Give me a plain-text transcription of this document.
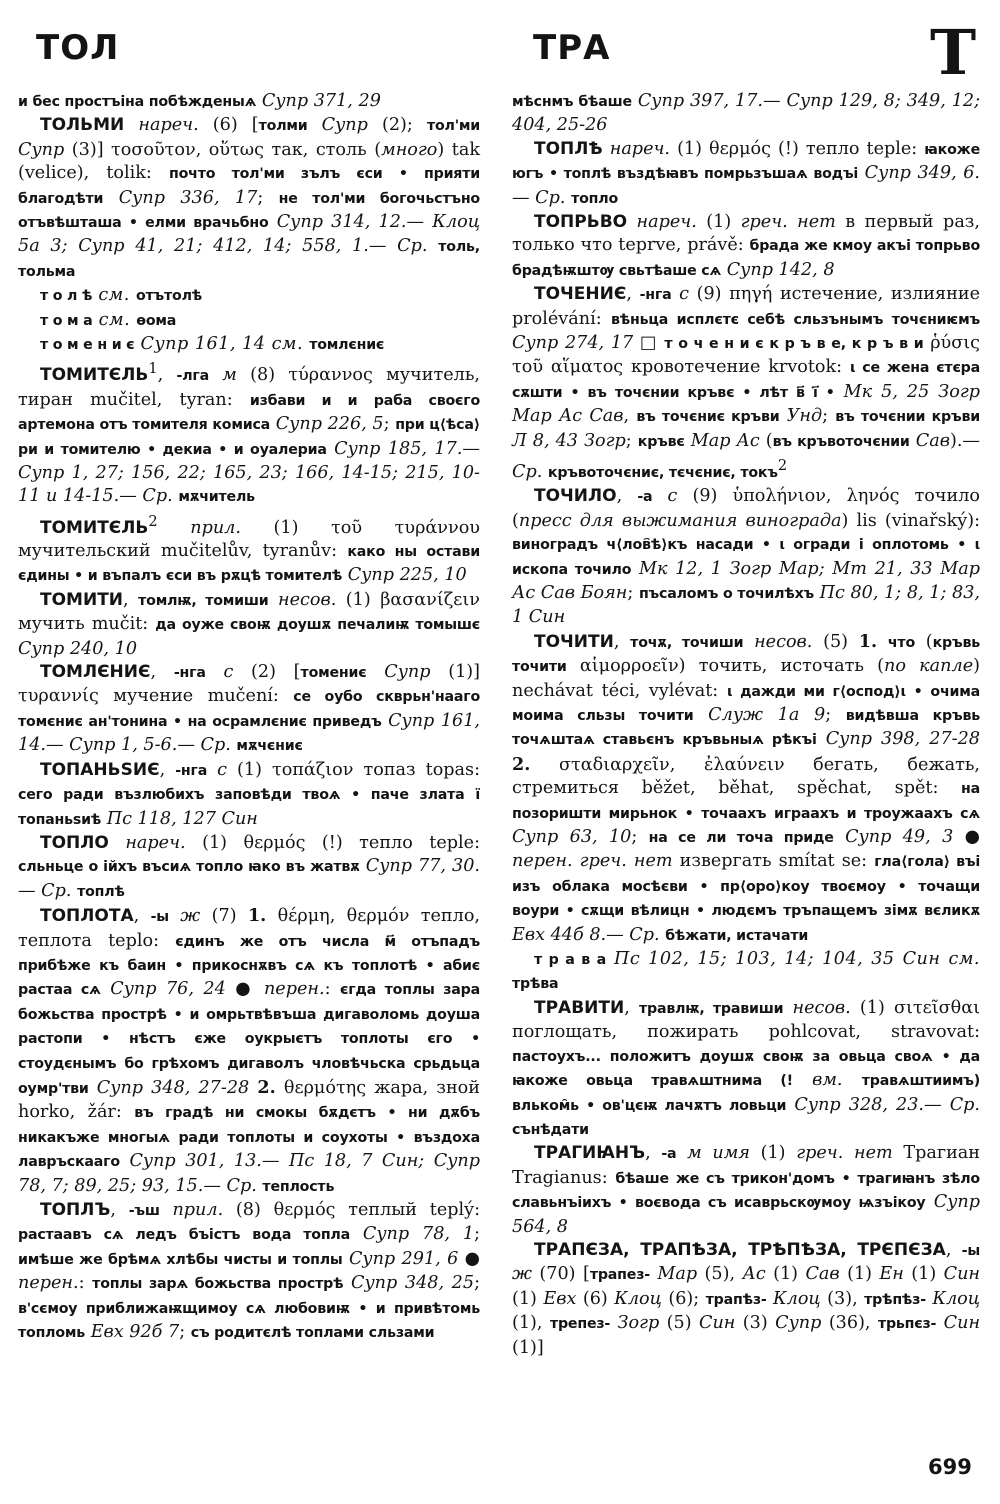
ТОЛ	ТРА	Т

и бес простъіна побѣжденыѧ Супр 371, 29

ТОЛЬМИ нареч. (6) [толми Супр (2); тол'ми Супр (3)] τοσοῦτον, οὕτως так, столь (много) tak (velice), tolik: почто тол'ми зълъ єси • прияти благодѣти Супр 336, 17; не тол'ми богочьстъно отъвѣшташа • елми врачьбно Супр 314, 12.— Клоц 5а 3; Супр 41, 21; 412, 14; 558, 1.— Ср. толь, тольма

т о л ѣ см. отътолѣ

т о м а см. ѳома

т о м е н и є Супр 161, 14 см. томлєниє

ТОМИТЄЛЬ$^1$, -лга м (8) τύραννος мучитель, тиран mučitel, tyran: избави и и раба своєго артемона отъ томителя комиса Супр 226, 5; при ц⟨ѣса⟩ри и томителю • декиа • и оуалериа Супр 185, 17.— Супр 1, 27; 156, 22; 165, 23; 166, 14-15; 215, 10-11 и 14-15.— Ср. мѫчитель

ТОМИТЄЛЬ$^2$ прил. (1) τοῦ τυράννου мучительский mučitelův, tyranův: како ны остави єдины • и въпалъ єси въ рѫцѣ томителѣ Супр 225, 10

ТОМИТИ, томлѭ, томиши несов. (1) βασανίζειν мучить mučit: да оуже своѭ доушѫ печалиѭ томышє Супр 240, 10

ТОМЛЄНИЄ, -нга с (2) [томениє Супр (1)] τυραννίς мучение mučení: се оубо скврьн'нааго томєниє ан'тонина • на осрамлєниє приведъ Супр 161, 14.— Супр 1, 5-6.— Ср. мѫчєниє

ТОПАНЬЅИЄ, -нга с (1) τοπάζιον топаз topas: сего ради възлюбихъ заповѣди твоѧ • паче злата ї топаньѕиѣ Пс 118, 127 Син

ТОПЛО нареч. (1) θερμός (!) тепло teple: сльньце о ійхъ въсиѧ топло ꙗко въ жатвѫ Супр 77, 30.— Ср. топлѣ

ТОПЛОТА, -ы ж (7) 1. θέρμη, θερμόν тепло, теплота teplo: єдинъ же отъ числа м҃ отъпадъ прибѣже къ баин • прикоснѫвъ сѧ къ топлотѣ • абиє растаа сѧ Супр 76, 24 ● перен.: єгда топлы зара божьства прострѣ • и омрьтвѣвъша дигаволомь доуша растопи • нѣстъ єже оукрыєтъ топлоты єго • стоудєнымъ бо грѣхомъ дигаволъ чловѣчьска срьдьца оумр'тви Супр 348, 27-28 2. θερμότης жара, зной horko, žár: въ градѣ ни смокы бѫдєтъ • ни дѫбъ никакъже многыѧ ради топлоты и соухоты • въздоха лавръскааго Супр 301, 13.— Пс 18, 7 Син; Супр 78, 7; 89, 25; 93, 15.— Ср. теплость

ТОПЛЪ, -ъш прил. (8) θερμός теплый teplý: растаавъ сѧ ледъ бъістъ вода топла Супр 78, 1; имѣше же брѣмѧ хлѣбы чисты и топлы Супр 291, 6 ● перен.: топлы зарѧ божьства прострѣ Супр 348, 25; в'сємоу приближаѭщимоу сѧ любовиѭ • и привѣтомь топломь Евх 92б 7; съ родитєлѣ топлами сльзами

мѣснмъ бѣаше Супр 397, 17.— Супр 129, 8; 349, 12; 404, 25-26

ТОПЛѢ нареч. (1) θερμός (!) тепло teple: ꙗкоже югъ • топлѣ въздѣꙗвъ помрьзъшаѧ водъі Супр 349, 6.— Ср. топло

ТОПРЬВО нареч. (1) греч. нет в первый раз, только что teprve, právě: брада же кмоу акъі топрьво брадѣѭштѹ свьтѣаше сѧ Супр 142, 8

ТОЧЕНИЄ, -нга с (9) πηγή истечение, излияние prolévání: вѣньца исплєтє себѣ сльзънымъ точєниѥмъ Супр 274, 17 □ т о ч е н и є к р ъ в е, к р ъ в и ῥύσις τοῦ αἵματος кровотечение krvotok: ι се жена єтєра сѫшти • въ точєнии кръвє • лѣт в҃ і҃ • Мк 5, 25 Зогр Мар Ас Сав, въ точєниє кръви Унд; въ точєнии кръви Л 8, 43 Зогр; кръвє Мар Ас (въ кръвоточєнии Сав).— Ср. кръвоточєниє, тєчєниє, токъ$^2$

ТОЧИЛО, -а с (9) ὑπολήνιον, ληνός точило (пресс для выжимания винограда) lis (vinařský): виноградъ ч⟨лов҄ѣ⟩къ насади • ι огради і оплотомь • ι ископа точило Мк 12, 1 Зогр Мар; Мт 21, 33 Мар Ас Сав Боян; пъсаломъ о точилѣхъ Пс 80, 1; 8, 1; 83, 1 Син

ТОЧИТИ, точѫ, точиши несов. (5) 1. что (кръвь точити αἱμορροεῖν) точить, источать (по капле) nechávat téci, vylévat: ι дажди ми г⟨оспод⟩ι • очима моима сльзы точити Служ 1а 9; видѣвша кръвь точѧштаѧ ставьєнъ кръвьныѧ рѣкъі Супр 398, 27-28 2. σταδιαρχεῖν, ἐλαύνειν бегать, бежать, стремиться běžet, běhat, spěchat, spět: на позоришти мирьнок • точаахъ играахъ и троужаахъ сѧ Супр 63, 10; на се ли точа приде Супр 49, 3 ● перен. греч. нет извергать smítat se: гла⟨гола⟩ въі изъ облака мосѣєви • пр⟨оро⟩коу твоємоу • точащи воури • сѫщи вѣлицн • людємъ тръпащемъ зімѫ вєликѫ Евх 44б 8.— Ср. бѣжати, истачати

т р а в а Пс 102, 15; 103, 14; 104, 35 Син см. трѣва

ТРАВИТИ, травлѭ, травиши несов. (1) σιτεῖσθαι поглощать, пожирать pohlcovat, stravovat: пастоухъ... положитъ доушѫ своѭ за овьца своѧ • да ꙗкоже овьца травѧштнима (! вм. травѧштиимъ) вльком̑ь • ов'цєѭ лачѫтъ ловьци Супр 328, 23.— Ср. сънѣдати

ТРАГИꙖНЪ, -а м имя (1) греч. нет Трагиан Tragianus: бѣаше же съ трикон'домъ • трагиꙗнъ зѣло славьнъіихъ • воєвода съ исаврьскѹмоу ѩзъікоу Супр 564, 8

ТРАПЄЗА, ТРАПѢЗА, ТРѢПѢЗА, ТРЄПЄЗА, -ы ж (70) [трапез- Мар (5), Ас (1) Сав (1) Ен (1) Син (1) Евх (6) Клоц (6); трапѣз- Клоц (3), трѣпѣз- Клоц (1), трепез- Зогр (5) Син (3) Супр (36), трьпєз- Син (1)]

699
